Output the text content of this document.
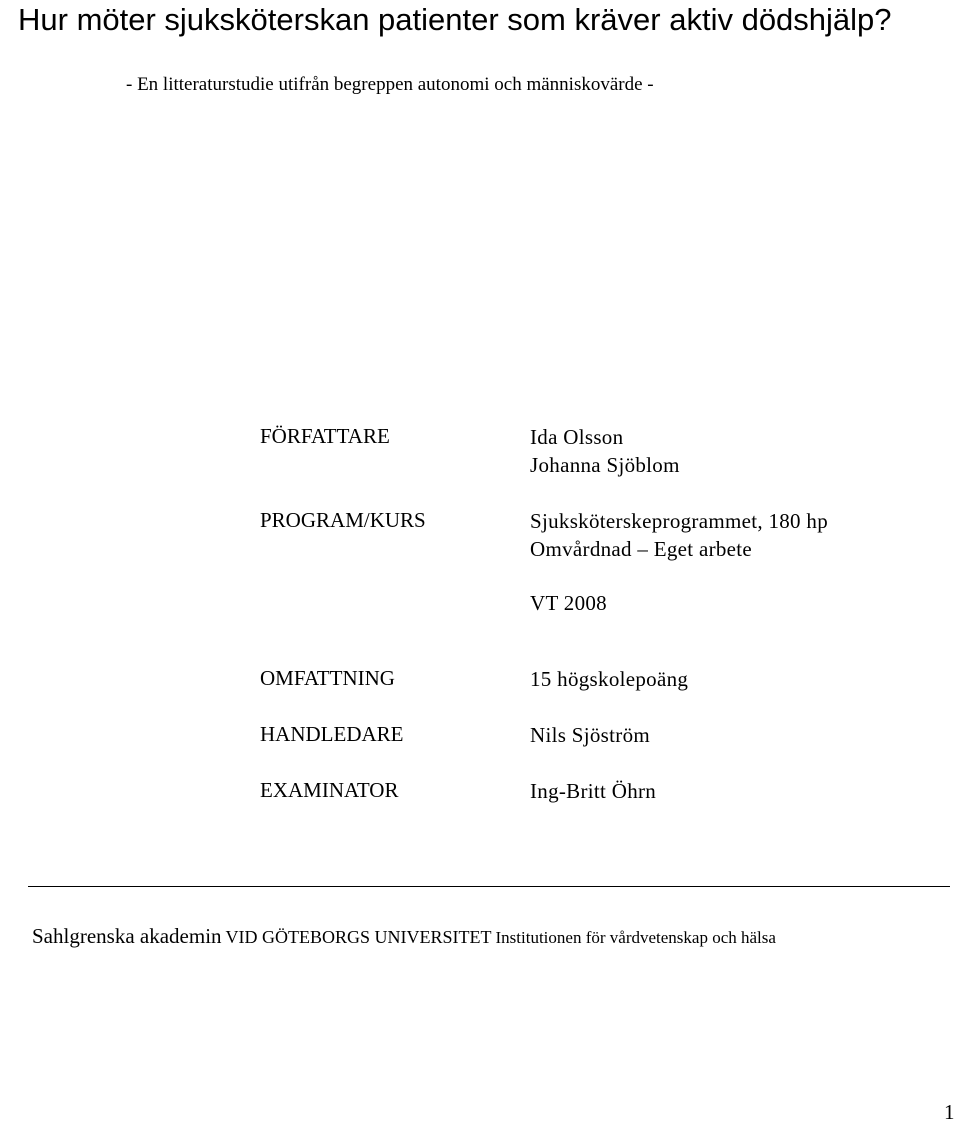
Hur möter sjuksköterskan patienter som kräver aktiv dödshjälp?
- En litteraturstudie utifrån begreppen autonomi och människovärde -
FÖRFATTARE	Ida Olsson
Johanna Sjöblom
PROGRAM/KURS	Sjuksköterskeprogrammet, 180 hp
Omvårdnad – Eget arbete
VT 2008
OMFATTNING	15 högskolepoäng
HANDLEDARE	Nils Sjöström
EXAMINATOR	Ing-Britt Öhrn
Sahlgrenska akademin VID GÖTEBORGS UNIVERSITET Institutionen för vårdvetenskap och hälsa
1
